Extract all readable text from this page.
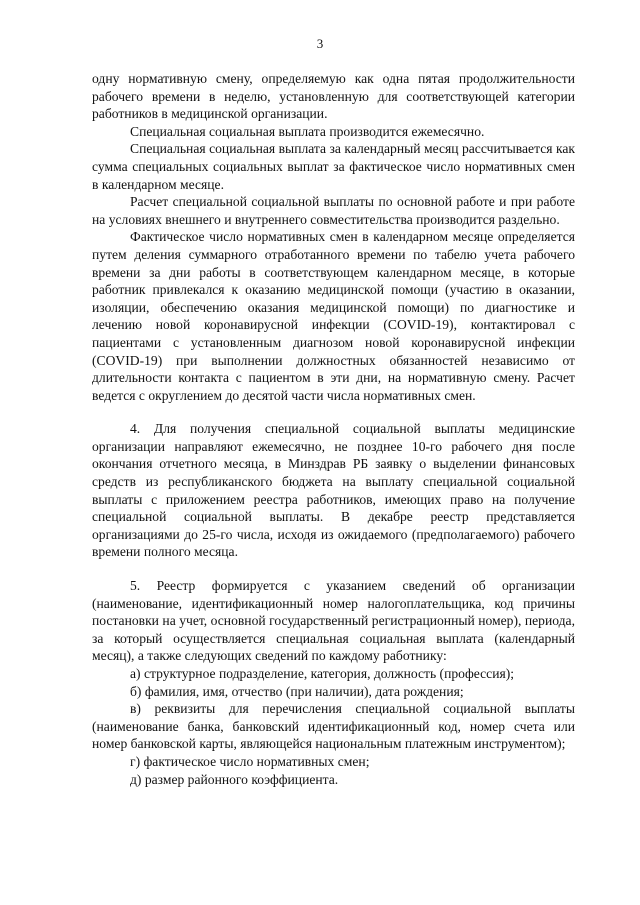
3

одну нормативную смену, определяемую как одна пятая продолжительности рабочего времени в неделю, установленную для соответствующей категории работников в медицинской организации.

Специальная социальная выплата производится ежемесячно.

Специальная социальная выплата за календарный месяц рассчитывается как сумма специальных социальных выплат за фактическое число нормативных смен в календарном месяце.

Расчет специальной социальной выплаты по основной работе и при работе на условиях внешнего и внутреннего совместительства производится раздельно.

Фактическое число нормативных смен в календарном месяце определяется путем деления суммарного отработанного времени по табелю учета рабочего времени за дни работы в соответствующем календарном месяце, в которые работник привлекался к оказанию медицинской помощи (участию в оказании, изоляции, обеспечению оказания медицинской помощи) по диагностике и лечению новой коронавирусной инфекции (COVID-19), контактировал с пациентами с установленным диагнозом новой коронавирусной инфекции (COVID-19) при выполнении должностных обязанностей независимо от длительности контакта с пациентом в эти дни, на нормативную смену. Расчет ведется с округлением до десятой части числа нормативных смен.

4. Для получения специальной социальной выплаты медицинские организации направляют ежемесячно, не позднее 10-го рабочего дня после окончания отчетного месяца, в Минздрав РБ заявку о выделении финансовых средств из республиканского бюджета на выплату специальной социальной выплаты с приложением реестра работников, имеющих право на получение специальной социальной выплаты. В декабре реестр представляется организациями до 25-го числа, исходя из ожидаемого (предполагаемого) рабочего времени полного месяца.

5. Реестр формируется с указанием сведений об организации (наименование, идентификационный номер налогоплательщика, код причины постановки на учет, основной государственный регистрационный номер), периода, за который осуществляется специальная социальная выплата (календарный месяц), а также следующих сведений по каждому работнику:

а) структурное подразделение, категория, должность (профессия);

б) фамилия, имя, отчество (при наличии), дата рождения;

в) реквизиты для перечисления специальной социальной выплаты (наименование банка, банковский идентификационный код, номер счета или номер банковской карты, являющейся национальным платежным инструментом);

г) фактическое число нормативных смен;

д) размер районного коэффициента.
